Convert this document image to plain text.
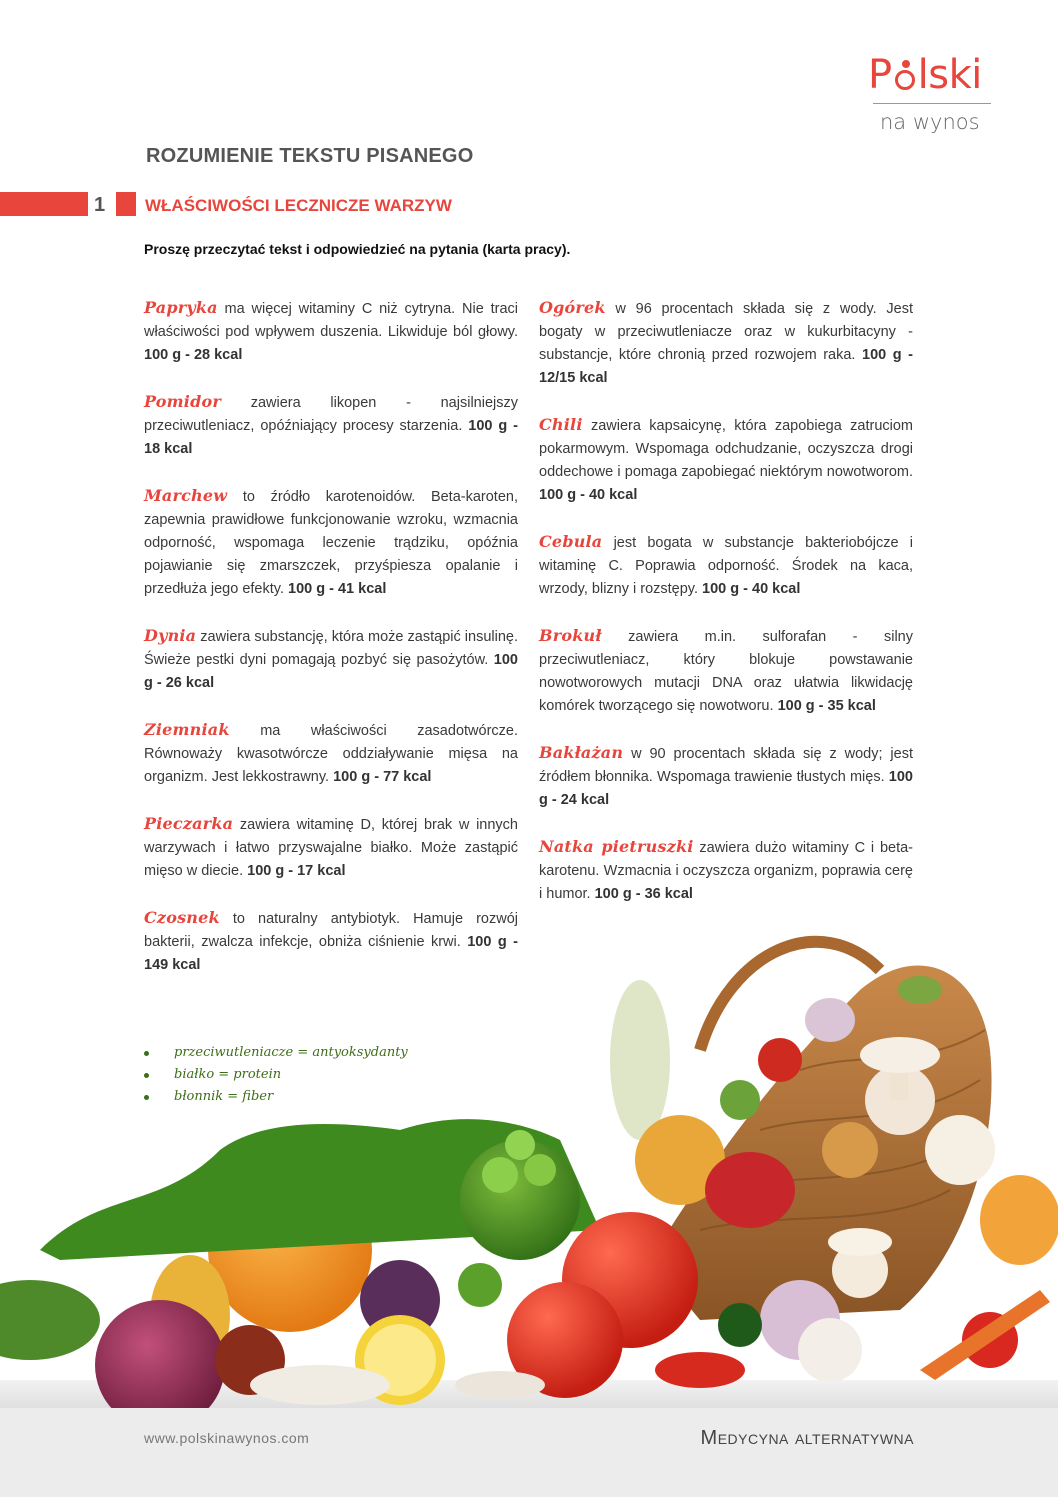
P lski
na wynos
ROZUMIENIE TEKSTU PISANEGO
1 WŁAŚCIWOŚCI LECZNICZE WARZYW
Proszę przeczytać tekst i odpowiedzieć na pytania (karta pracy).

Papryka ma więcej witaminy C niż cytryna. Nie traci właściwości pod wpływem duszenia. Likwiduje ból głowy. 100 g - 28 kcal

Pomidor zawiera likopen - najsilniejszy przeciwutleniacz, opóźniający procesy starzenia. 100 g - 18 kcal

Marchew to źródło karotenoidów. Beta-karoten, zapewnia prawidłowe funkcjonowanie wzroku, wzmacnia odporność, wspomaga leczenie trądziku, opóźnia pojawianie się zmarszczek, przyśpiesza opalanie i przedłuża jego efekty. 100 g - 41 kcal

Dynia zawiera substancję, która może zastąpić insulinę. Świeże pestki dyni pomagają pozbyć się pasożytów. 100 g - 26 kcal

Ziemniak ma właściwości zasadotwórcze. Równoważy kwasotwórcze oddziaływanie mięsa na organizm. Jest lekkostrawny. 100 g - 77 kcal

Pieczarka zawiera witaminę D, której brak w innych warzywach i łatwo przyswajalne białko. Może zastąpić mięso w diecie. 100 g - 17 kcal

Czosnek to naturalny antybiotyk. Hamuje rozwój bakterii, zwalcza infekcje, obniża ciśnienie krwi. 100 g - 149 kcal

Ogórek w 96 procentach składa się z wody. Jest bogaty w przeciwutleniacze oraz w kukurbitacyny - substancje, które chronią przed rozwojem raka. 100 g - 12/15 kcal

Chili zawiera kapsaicynę, która zapobiega zatruciom pokarmowym. Wspomaga odchudzanie, oczyszcza drogi oddechowe i pomaga zapobiegać niektórym nowotworom. 100 g - 40 kcal

Cebula jest bogata w substancje bakteriobójcze i witaminę C. Poprawia odporność. Środek na kaca, wrzody, blizny i rozstępy. 100 g - 40 kcal

Brokuł zawiera m.in. sulforafan - silny przeciwutleniacz, który blokuje powstawanie nowotworowych mutacji DNA oraz ułatwia likwidację komórek tworzącego się nowotworu. 100 g - 35 kcal

Bakłażan w 90 procentach składa się z wody; jest źródłem błonnika. Wspomaga trawienie tłustych mięs. 100 g - 24 kcal

Natka pietruszki zawiera dużo witaminy C i beta-karotenu. Wzmacnia i oczyszcza organizm, poprawia cerę i humor. 100 g - 36 kcal

przeciwutleniacze = antyoksydanty
białko = protein
błonnik = fiber
www.polskinawynos.com	Medycyna alternatywna
